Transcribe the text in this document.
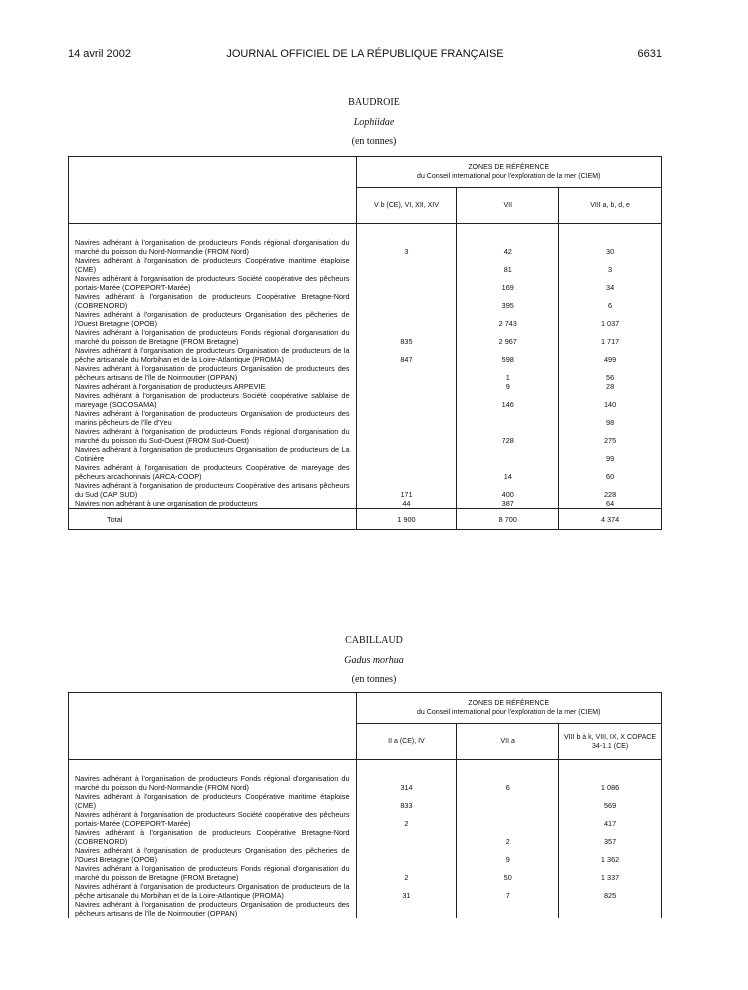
14 avril 2002	JOURNAL OFFICIEL DE LA RÉPUBLIQUE FRANÇAISE	6631
BAUDROIE
Lophiidae
(en tonnes)

	ZONES DE RÉFÉRENCE
du Conseil international pour l'exploration de la mer (CIEM)		

	V b (CE), VI, XII, XIV	VII	VIII a, b, d, e

Navires adhérant à l'organisation de producteurs Fonds régional d'organisation du marché du poisson du Nord-Normandie (FROM Nord)	3	42	30
Navires adhérant à l'organisation de producteurs Coopérative maritime étaploise (CME)		81	3
Navires adhérant à l'organisation de producteurs Société coopérative des pêcheurs portais-Marée (COPEPORT-Marée)		169	34
Navires adhérant à l'organisation de producteurs Coopérative Bretagne-Nord (COBRENORD)		395	6
Navires adhérant à l'organisation de producteurs Organisation des pêcheries de l'Ouest Bretagne (OPOB)		2 743	1 037
Navires adhérant à l'organisation de producteurs Fonds régional d'organisation du marché du poisson de Bretagne (FROM Bretagne)	835	2 967	1 717
Navires adhérant à l'organisation de producteurs Organisation de producteurs de la pêche artisanale du Morbihan et de la Loire-Atlantique (PROMA)	847	598	499
Navires adhérant à l'organisation de producteurs Organisation de producteurs des pêcheurs artisans de l'île de Noirmoutier (OPPAN)		1	56
Navires adhérant à l'organisation de producteurs ARPEVIE		9	28
Navires adhérant à l'organisation de producteurs Société coopérative sablaise de mareyage (SOCOSAMA)		146	140
Navires adhérant à l'organisation de producteurs Organisation de producteurs des marins pêcheurs de l'île d'Yeu			98
Navires adhérant à l'organisation de producteurs Fonds régional d'organisation du marché du poisson du Sud-Ouest (FROM Sud-Ouest)		728	275
Navires adhérant à l'organisation de producteurs Organisation de producteurs de La Cotinière			99
Navires adhérant à l'organisation de producteurs Coopérative de mareyage des pêcheurs arcachonnais (ARCA-COOP)		14	60
Navires adhérant à l'organisation de producteurs Coopérative des artisans pêcheurs du Sud (CAP SUD)	171	400	228
Navires non adhérant à une organisation de producteurs	44	387	64
Total	1 900	8 700	4 374
CABILLAUD
Gadus morhua
(en tonnes)

	ZONES DE RÉFÉRENCE
du Conseil international pour l'exploration de la mer (CIEM)		

	II a (CE), IV	VII a	VIII b à k, VIII, IX, X COPACE 34-1.1 (CE)

Navires adhérant à l'organisation de producteurs Fonds régional d'organisation du marché du poisson du Nord-Normandie (FROM Nord)	314	6	1 086
Navires adhérant à l'organisation de producteurs Coopérative maritime étaploise (CME)	833		569
Navires adhérant à l'organisation de producteurs Société coopérative des pêcheurs portais-Marée (COPEPORT-Marée)	2		417
Navires adhérant à l'organisation de producteurs Coopérative Bretagne-Nord (COBRENORD)		2	357
Navires adhérant à l'organisation de producteurs Organisation des pêcheries de l'Ouest Bretagne (OPOB)		9	1 362
Navires adhérant à l'organisation de producteurs Fonds régional d'organisation du marché du poisson de Bretagne (FROM Bretagne)	2	50	1 337
Navires adhérant à l'organisation de producteurs Organisation de producteurs de la pêche artisanale du Morbihan et de la Loire-Atlantique (PROMA)	31	7	825
Navires adhérant à l'organisation de producteurs Organisation de producteurs des pêcheurs artisans de l'île de Noirmoutier (OPPAN)			
